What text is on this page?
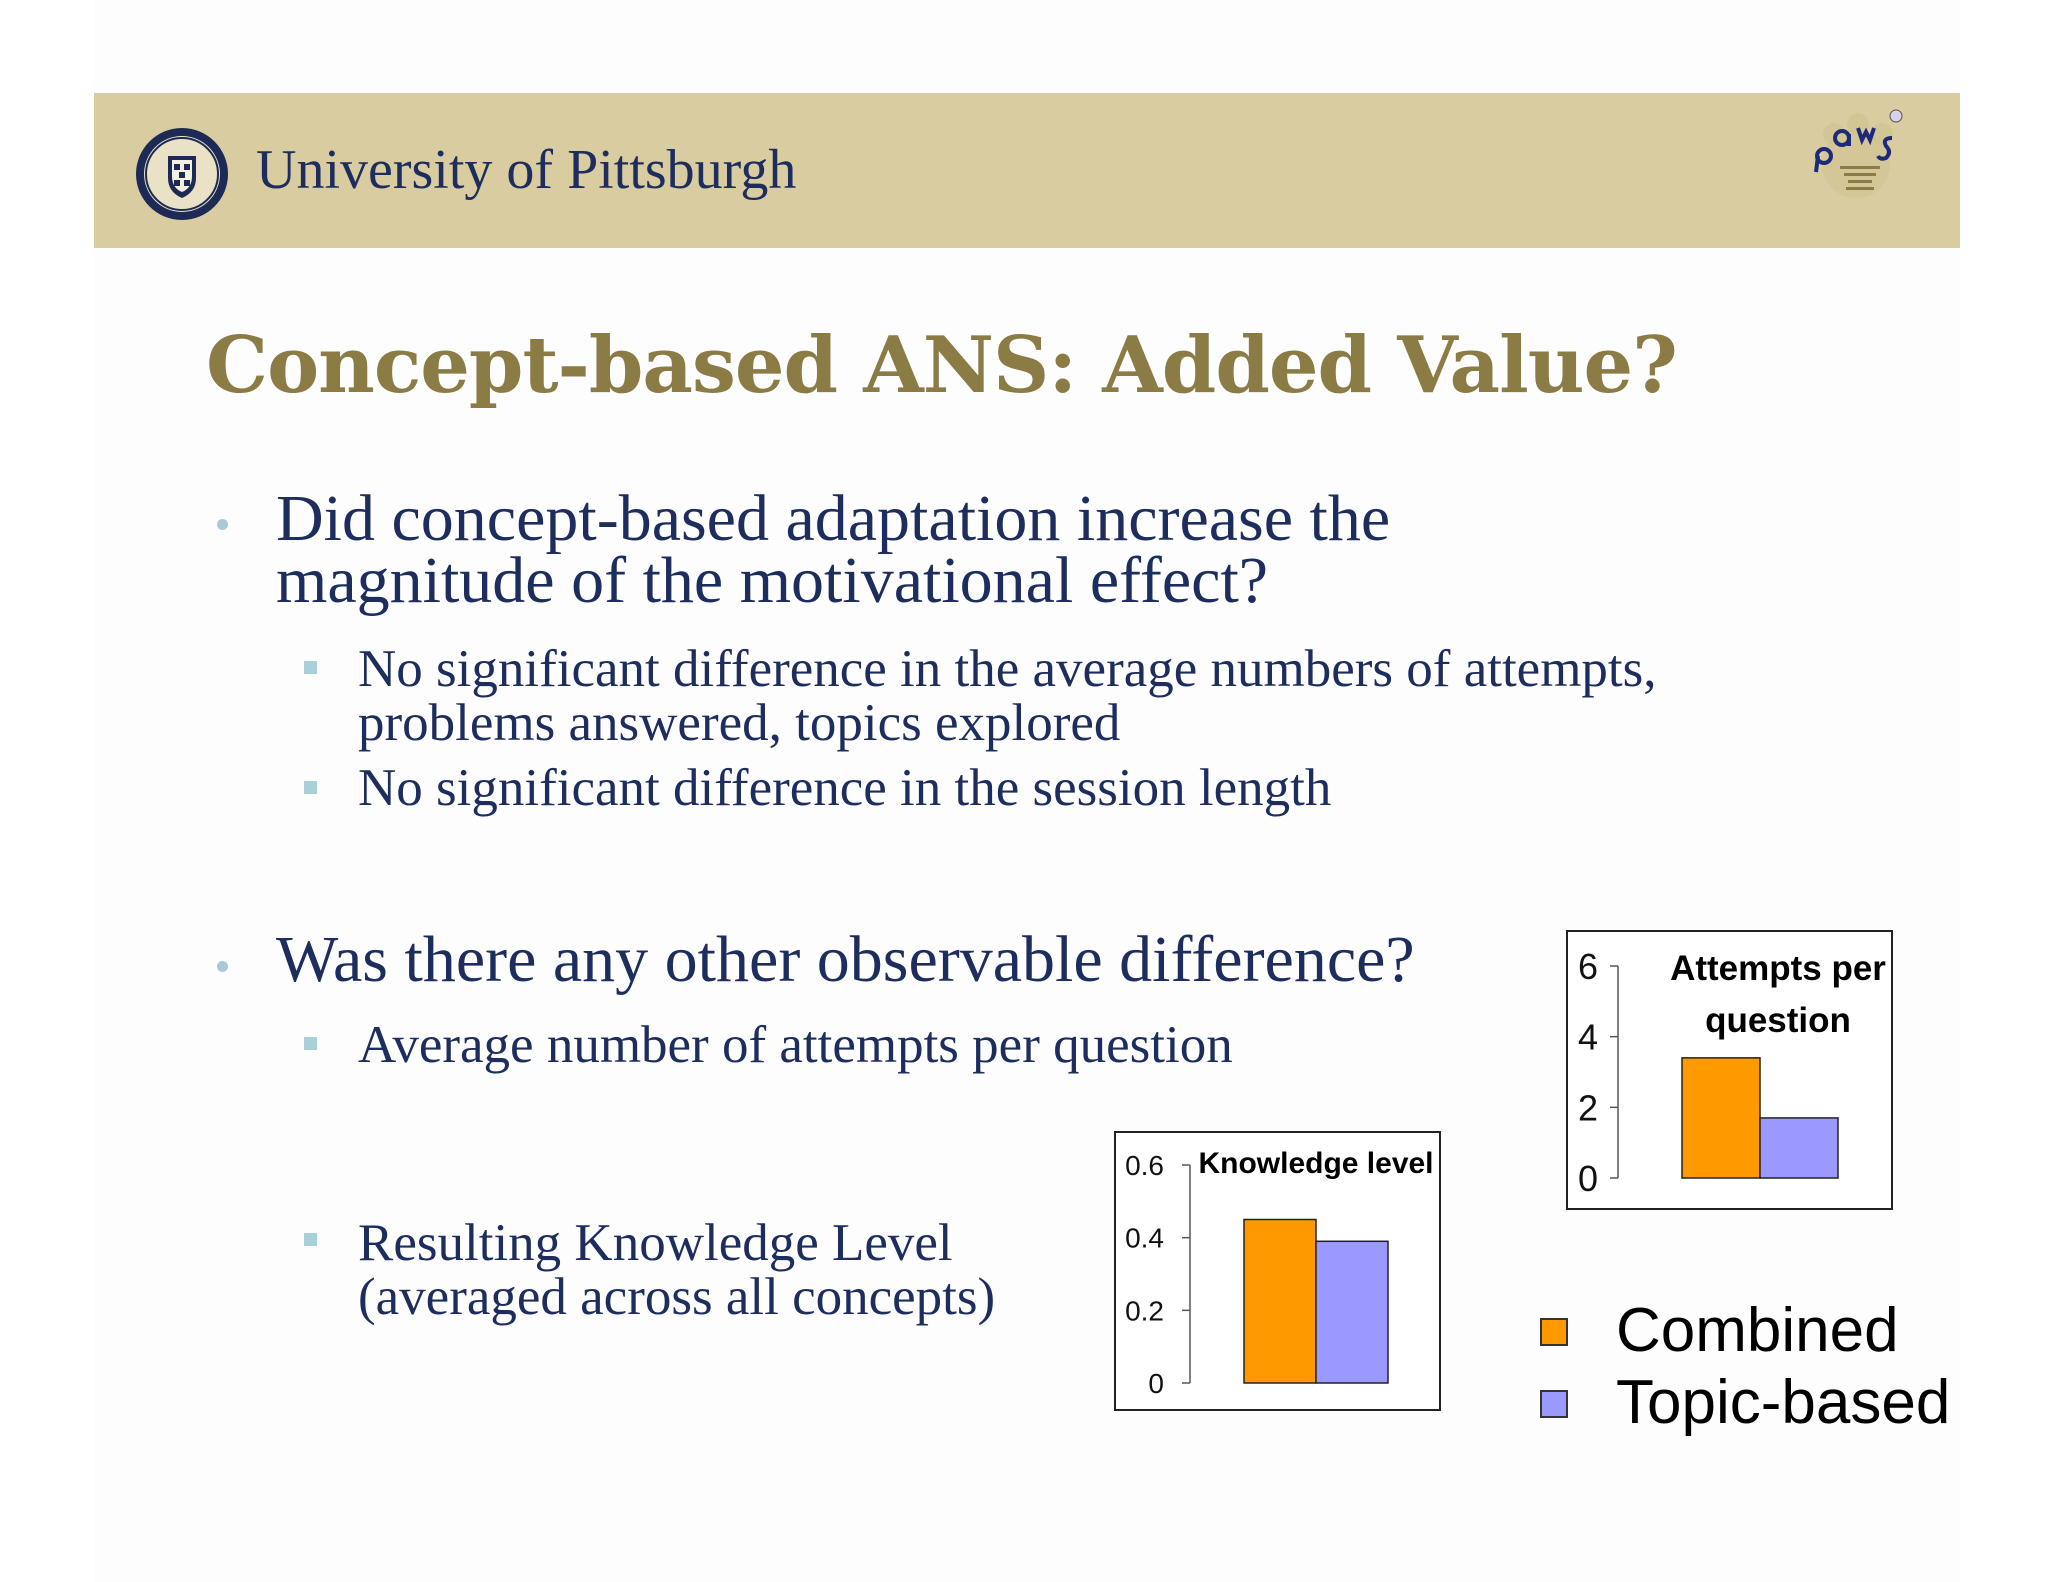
University of Pittsburgh
Concept-based ANS: Added Value?
Did concept-based adaptation increase the
magnitude of the motivational effect?
No significant difference in the average numbers of attempts,
problems answered, topics explored
No significant difference in the session length
Was there any other observable difference?
Average number of attempts per question
Resulting Knowledge Level
(averaged across all concepts)
0
2
4
6 Attempts per
question
0
0.2
0.4
0.6 Knowledge level
Combined
Topic-based
